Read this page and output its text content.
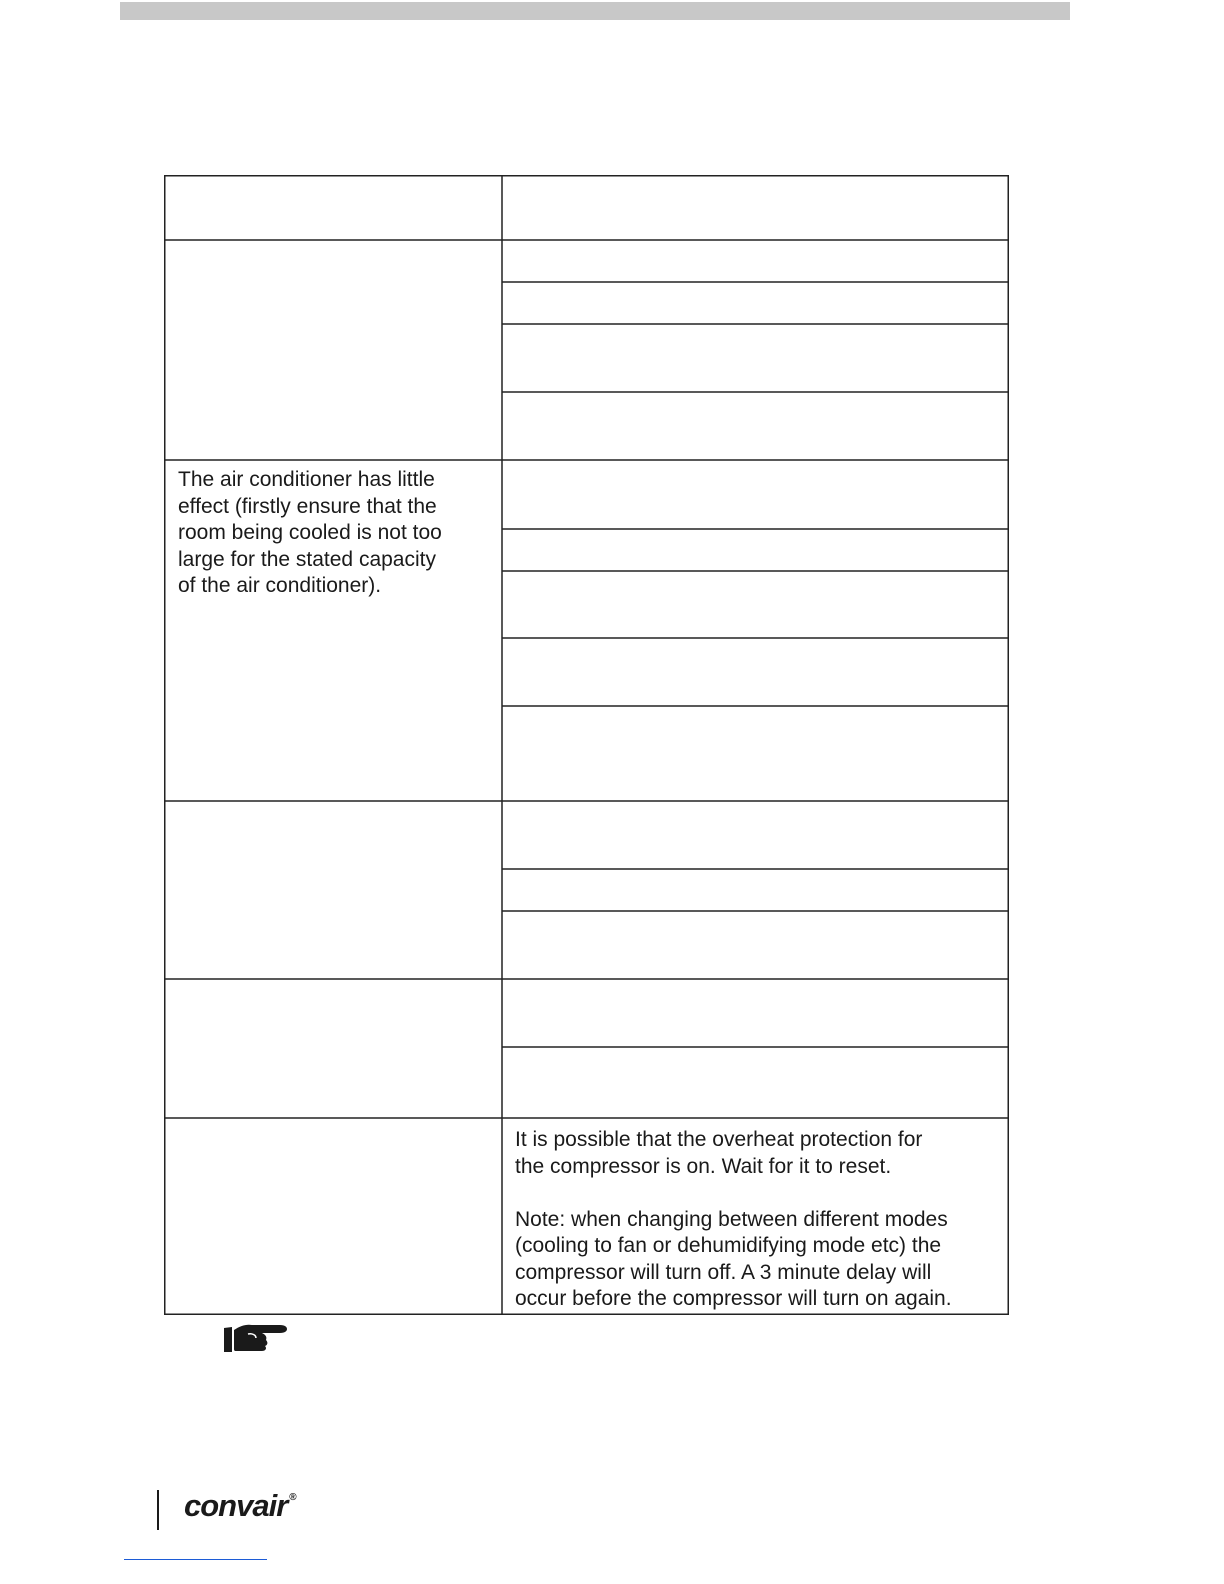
The air conditioner has little
effect (firstly ensure that the
room being cooled is not too
large for the stated capacity
of the air conditioner).

It is possible that the overheat protection for
the compressor is on. Wait for it to reset.

Note: when changing between different modes
(cooling to fan or dehumidifying mode etc) the
compressor will turn off. A 3 minute delay will
occur before the compressor will turn on again.

convair ®
